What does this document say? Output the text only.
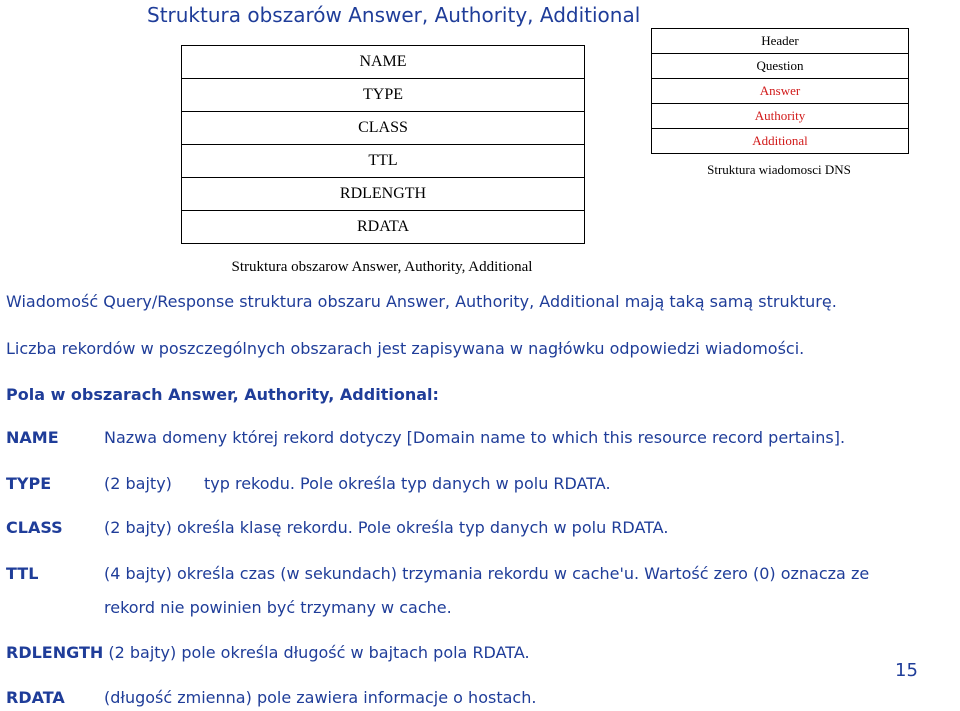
Struktura obszarów Answer, Authority, Additional
NAME
TYPE
CLASS
TTL
RDLENGTH
RDATA
Struktura obszarow Answer, Authority, Additional
Header
Question
Answer
Authority
Additional
Struktura wiadomosci DNS
Wiadomość Query/Response struktura obszaru Answer, Authority, Additional mają taką samą strukturę.
Liczba rekordów w poszczególnych obszarach jest zapisywana w nagłówku odpowiedzi wiadomości.
Pola w obszarach Answer, Authority, Additional:
NAME	Nazwa domeny której rekord dotyczy [Domain name to which this resource record pertains].
TYPE	(2 bajty) typ rekodu. Pole określa typ danych w polu RDATA.
CLASS	(2 bajty) określa klasę rekordu. Pole określa typ danych w polu RDATA.
TTL	(4 bajty) określa czas (w sekundach) trzymania rekordu w cache'u. Wartość zero (0) oznacza ze
rekord nie powinien być trzymany w cache.
RDLENGTH (2 bajty) pole określa długość w bajtach pola RDATA.
RDATA (długość zmienna) pole zawiera informacje o hostach.
15
